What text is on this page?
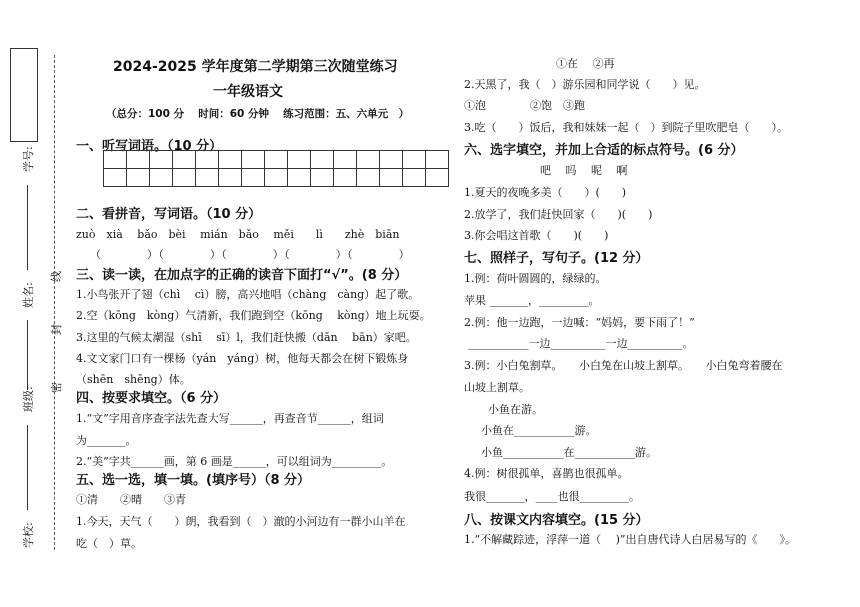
学号:
姓名:
班级:
学校:
线
封
密
2024-2025 学年度第二学期第三次随堂练习
一年级语文
（总分：100 分　 时间：60 分钟　 练习范围：五、六单元　）
一、听写词语。（10 分）

二、看拼音，写词语。（10 分）
zuò　xià　 bǎo　bèi　 mián　bǎo　 měi　　lì　　zhè　biān
（　　　　）（　　　　）（　　　　）（　　　　）（　　　　）
三、读一读，在加点字的正确的读音下面打“√”。(8 分）
1.小鸟张开了翅（chì　 cì）膀，高兴地唱（chàng　càng）起了歌。
2.空（kōng　kòng）气清新，我们跑到空（kōng　 kòng）地上玩耍。
3.这里的气候太潮湿（shī　 sī）l，我们赶快搬（dān　 bān）家吧。
4.文文家门口有一棵杨（yán　yáng）树，他每天都会在树下锻炼身
（shēn　shēng）体。
四、按要求填空。（6 分）
1.“文”字用音序查字法先查大写______，再查音节______，组词
为_______。
2.“美”字共______画，第 6 画是______，可以组词为_________。
五、选一选，填一填。(填序号）（8 分）
①清　　②晴　　③青
1.今天，天气（　　）朗，我看到（　）澈的小河边有一群小山羊在
吃（　）草。
①在　 ②再
2.天黑了，我（　）游乐园和同学说（　　）见。
①泡　　　　②饱　③跑
3.吃（　　）饭后，我和妹妹一起（　）到院子里吹肥皂（　　）。
六、选字填空，并加上合适的标点符号。(6 分）
吧　 吗　 呢　 啊
1.夏天的夜晚多美（　　）(　　)
2.放学了，我们赶快回家（　　)(　　)
3.你会唱这首歌（　　)(　　)
七、照样子，写句子。(12 分）
1.例：荷叶圆圆的，绿绿的。
苹果 _______，_________。
2.例：他一边跑，一边喊：“妈妈，要下雨了！”
___________一边__________一边__________。
3.例：小白兔割草。　　小白兔在山坡上割草。　　小白兔弯着腰在
山坡上割草。
小鱼在游。
小鱼在___________游。
小鱼___________在___________游。
4.例：树很孤单，喜鹊也很孤单。
我很_______，____也很_________。
八、按课文内容填空。(15 分）
1.“不解藏踪迹，浮萍一道（　 )”出自唐代诗人白居易写的《　　》。
